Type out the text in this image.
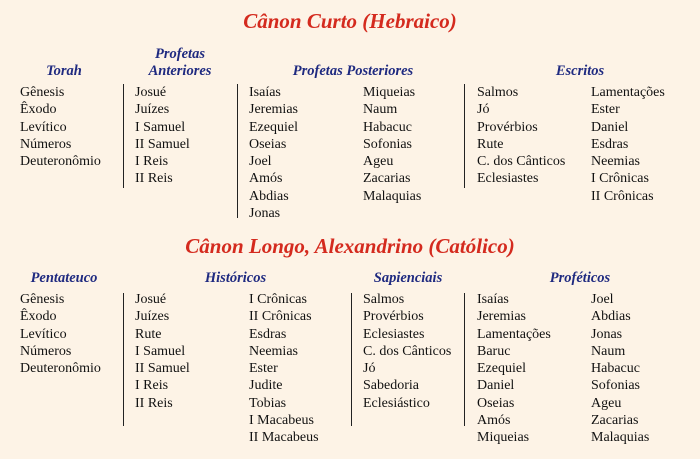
Cânon Curto (Hebraico)
Torah
Gênesis
Êxodo
Levítico
Números
Deuteronômio
Profetas
Anteriores
Josué
Juízes
I Samuel
II Samuel
I Reis
II Reis
Profetas Posteriores
Isaías
Jeremias
Ezequiel
Oseias
Joel
Amós
Abdias
Jonas
Miqueias
Naum
Habacuc
Sofonias
Ageu
Zacarias
Malaquias
Escritos
Salmos
Jó
Provérbios
Rute
C. dos Cânticos
Eclesiastes
Lamentações
Ester
Daniel
Esdras
Neemias
I Crônicas
II Crônicas
Cânon Longo, Alexandrino (Católico)
Pentateuco
Gênesis
Êxodo
Levítico
Números
Deuteronômio
Históricos
Josué
Juízes
Rute
I Samuel
II Samuel
I Reis
II Reis
I Crônicas
II Crônicas
Esdras
Neemias
Ester
Judite
Tobias
I Macabeus
II Macabeus
Sapienciais
Salmos
Provérbios
Eclesiastes
C. dos Cânticos
Jó
Sabedoria
Eclesiástico
Proféticos
Isaías
Jeremias
Lamentações
Baruc
Ezequiel
Daniel
Oseias
Amós
Miqueias
Joel
Abdias
Jonas
Naum
Habacuc
Sofonias
Ageu
Zacarias
Malaquias
